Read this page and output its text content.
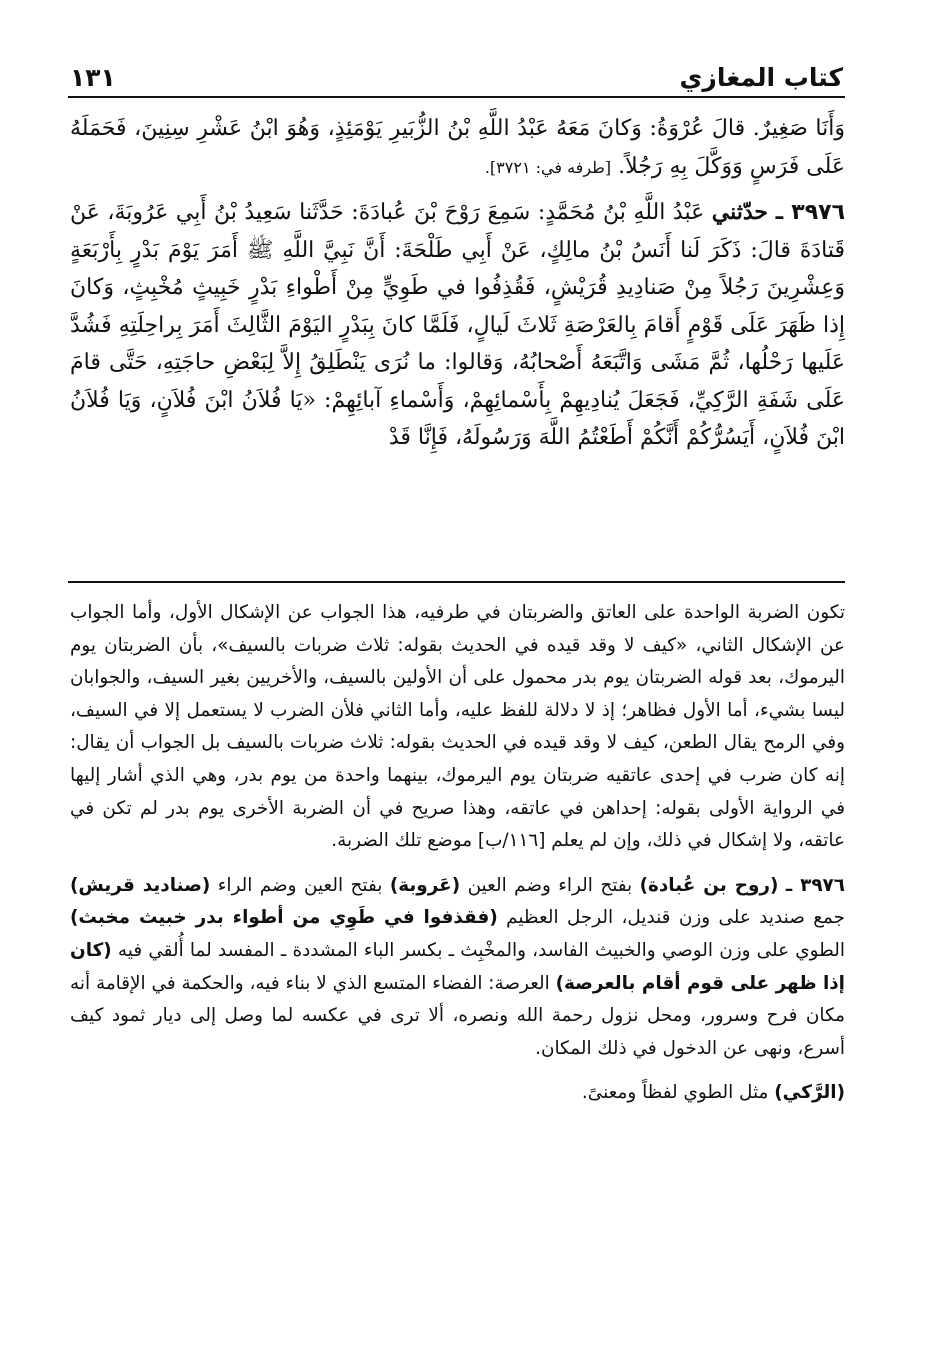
كتاب المغازي
١٣١

وَأَنَا صَغِيرٌ. قالَ عُرْوَةُ: وَكانَ مَعَهُ عَبْدُ اللَّهِ بْنُ الزُّبَيرِ يَوْمَئِذٍ، وَهُوَ ابْنُ عَشْرِ سِنِينَ، فَحَمَلَهُ عَلَى فَرَسٍ وَوَكَّلَ بِهِ رَجُلاً. [طرفه في: ٣٧٢١].

٣٩٧٦ ـ حدّثني عَبْدُ اللَّهِ بْنُ مُحَمَّدٍ: سَمِعَ رَوْحَ بْنَ عُبادَةَ: حَدَّثَنا سَعِيدُ بْنُ أَبِي عَرُوبَةَ، عَنْ قَتادَةَ قالَ: ذَكَرَ لَنا أَنَسُ بْنُ مالِكٍ، عَنْ أَبِي طَلْحَةَ: أَنَّ نَبِيَّ اللَّهِ ﷺ أَمَرَ يَوْمَ بَدْرٍ بِأَرْبَعَةٍ وَعِشْرِينَ رَجُلاً مِنْ صَنادِيدِ قُرَيْشٍ، فَقُذِفُوا في طَوِيٍّ مِنْ أَطْواءِ بَدْرٍ خَبِيثٍ مُخْبِثٍ، وَكانَ إِذا ظَهَرَ عَلَى قَوْمٍ أَقامَ بِالعَرْصَةِ ثَلاثَ لَيالٍ، فَلَمَّا كانَ بِبَدْرٍ اليَوْمَ الثَّالِثَ أَمَرَ بِراحِلَتِهِ فَشُدَّ عَلَيها رَحْلُها، ثُمَّ مَشَى وَاتَّبَعَهُ أَصْحابُهُ، وَقالوا: ما نُرَى يَنْطَلِقُ إِلاَّ لِبَعْضِ حاجَتِهِ، حَتَّى قامَ عَلَى شَفَةِ الرَّكِيِّ، فَجَعَلَ يُنادِيهِمْ بِأَسْمائِهِمْ، وَأَسْماءِ آبائِهِمْ: «يَا فُلاَنُ ابْنَ فُلاَنٍ، وَيَا فُلاَنُ ابْنَ فُلاَنٍ، أَيَسُرُّكُمْ أَنَّكُمْ أَطَعْتُمُ اللَّهَ وَرَسُولَهُ، فَإِنَّا قَدْ

تكون الضربة الواحدة على العاتق والضربتان في طرفيه، هذا الجواب عن الإشكال الأول، وأما الجواب عن الإشكال الثاني، «كيف لا وقد قيده في الحديث بقوله: ثلاث ضربات بالسيف»، بأن الضربتان يوم اليرموك، بعد قوله الضربتان يوم بدر محمول على أن الأولين بالسيف، والأخريين بغير السيف، والجوابان ليسا بشيء، أما الأول فظاهر؛ إذ لا دلالة للفظ عليه، وأما الثاني فلأن الضرب لا يستعمل إلا في السيف، وفي الرمح يقال الطعن، كيف لا وقد قيده في الحديث بقوله: ثلاث ضربات بالسيف بل الجواب أن يقال: إنه كان ضرب في إحدى عاتقيه ضربتان يوم اليرموك، بينهما واحدة من يوم بدر، وهي الذي أشار إليها في الرواية الأولى بقوله: إحداهن في عاتقه، وهذا صريح في أن الضربة الأخرى يوم بدر لم تكن في عاتقه، ولا إشكال في ذلك، وإن لم يعلم [١١٦/ب] موضع تلك الضربة.

٣٩٧٦ ـ (روح بن عُبادة) بفتح الراء وضم العين (عَروبة) بفتح العين وضم الراء (صناديد قريش) جمع صنديد على وزن قنديل، الرجل العظيم (فقذفوا في طَوِي من أطواء بدر خبيث مخبث) الطوي على وزن الوصي والخبيث الفاسد، والمخْبِث ـ بكسر الباء المشددة ـ المفسد لما أُلقي فيه (كان إذا ظهر على قوم أقام بالعرصة) العرصة: الفضاء المتسع الذي لا بناء فيه، والحكمة في الإقامة أنه مكان فرح وسرور، ومحل نزول رحمة الله ونصره، ألا ترى في عكسه لما وصل إلى ديار ثمود كيف أسرع، ونهى عن الدخول في ذلك المكان.

(الرَّكي) مثل الطوي لفظاً ومعنىً.
